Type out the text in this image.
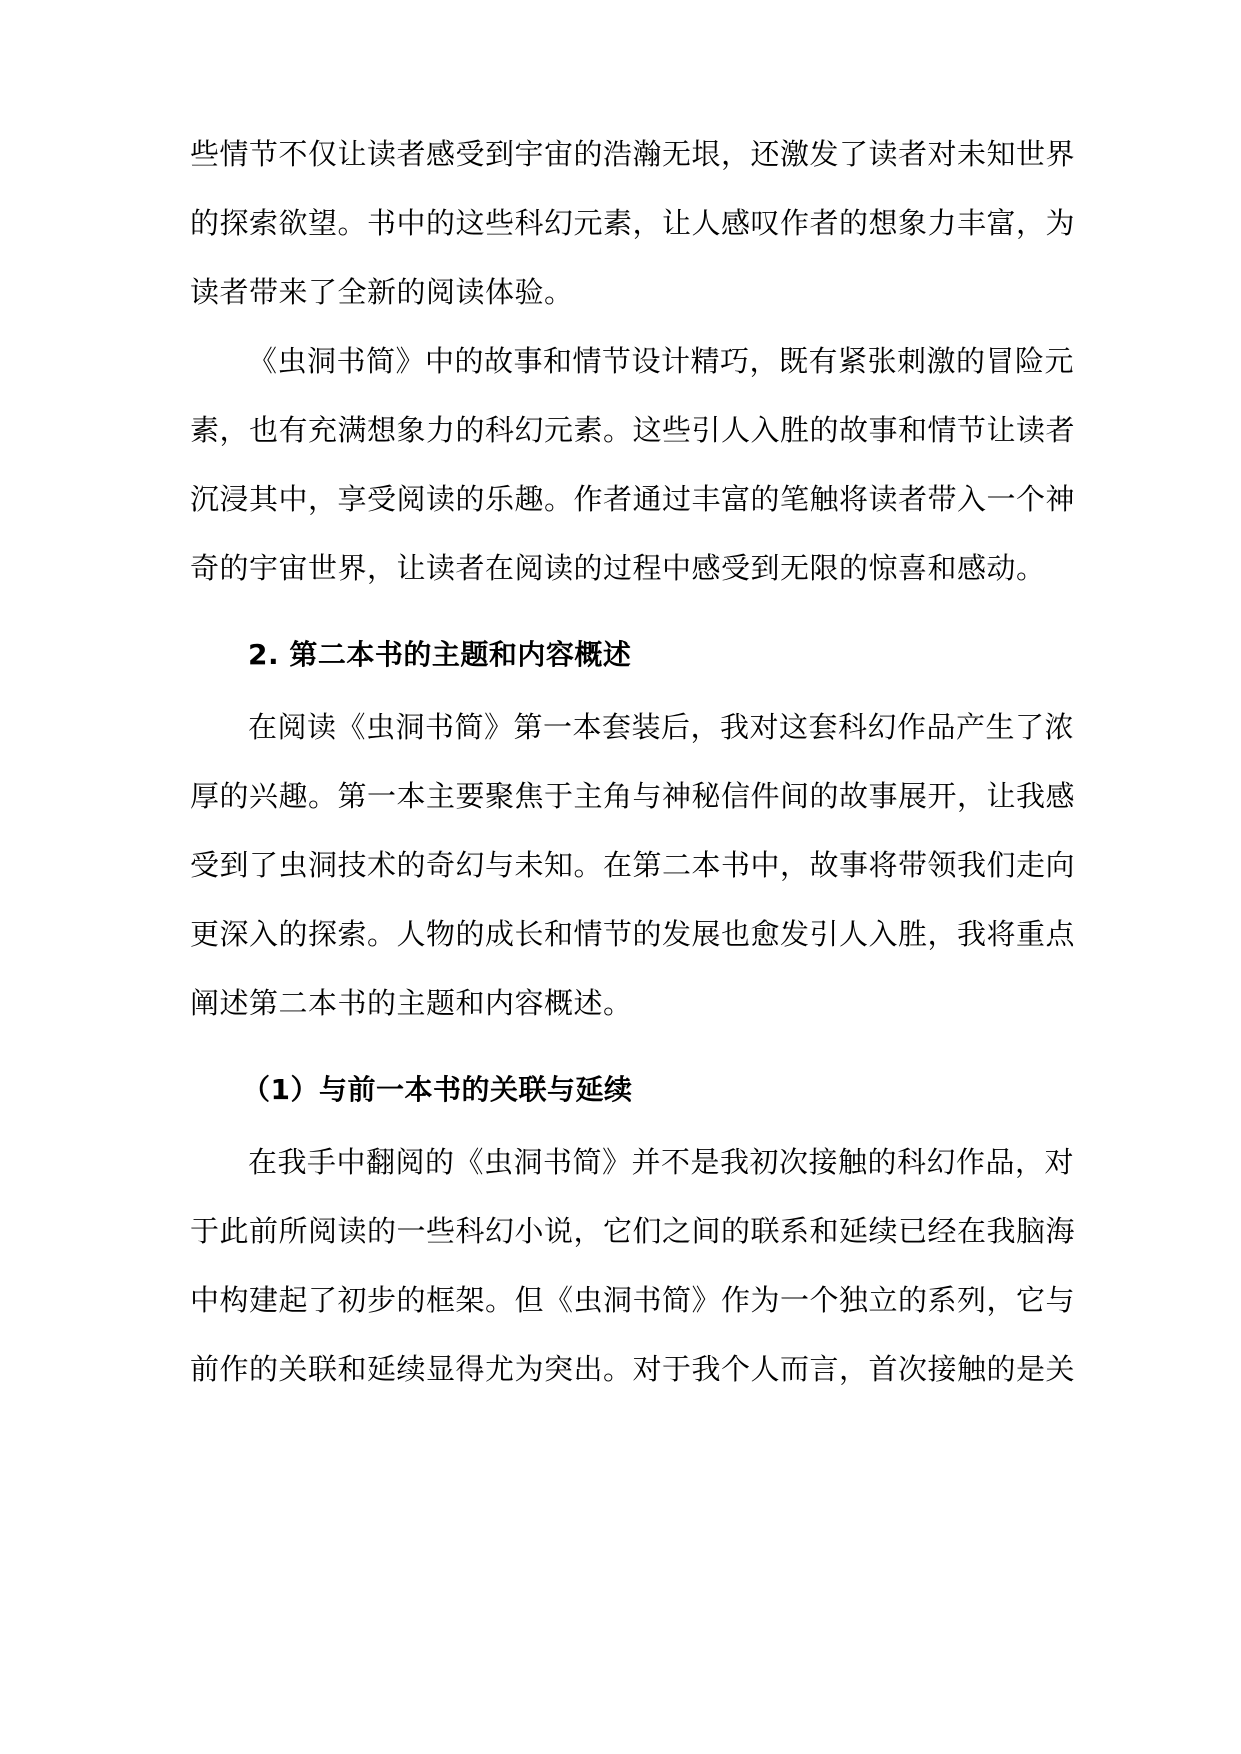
些情节不仅让读者感受到宇宙的浩瀚无垠，还激发了读者对未知世界
的探索欲望。书中的这些科幻元素，让人感叹作者的想象力丰富，为
读者带来了全新的阅读体验。
《虫洞书简》中的故事和情节设计精巧，既有紧张刺激的冒险元
素，也有充满想象力的科幻元素。这些引人入胜的故事和情节让读者
沉浸其中，享受阅读的乐趣。作者通过丰富的笔触将读者带入一个神
奇的宇宙世界，让读者在阅读的过程中感受到无限的惊喜和感动。
2. 第二本书的主题和内容概述
在阅读《虫洞书简》第一本套装后，我对这套科幻作品产生了浓
厚的兴趣。第一本主要聚焦于主角与神秘信件间的故事展开，让我感
受到了虫洞技术的奇幻与未知。在第二本书中，故事将带领我们走向
更深入的探索。人物的成长和情节的发展也愈发引人入胜，我将重点
阐述第二本书的主题和内容概述。
（1）与前一本书的关联与延续
在我手中翻阅的《虫洞书简》并不是我初次接触的科幻作品，对
于此前所阅读的一些科幻小说，它们之间的联系和延续已经在我脑海
中构建起了初步的框架。但《虫洞书简》作为一个独立的系列，它与
前作的关联和延续显得尤为突出。对于我个人而言，首次接触的是关
